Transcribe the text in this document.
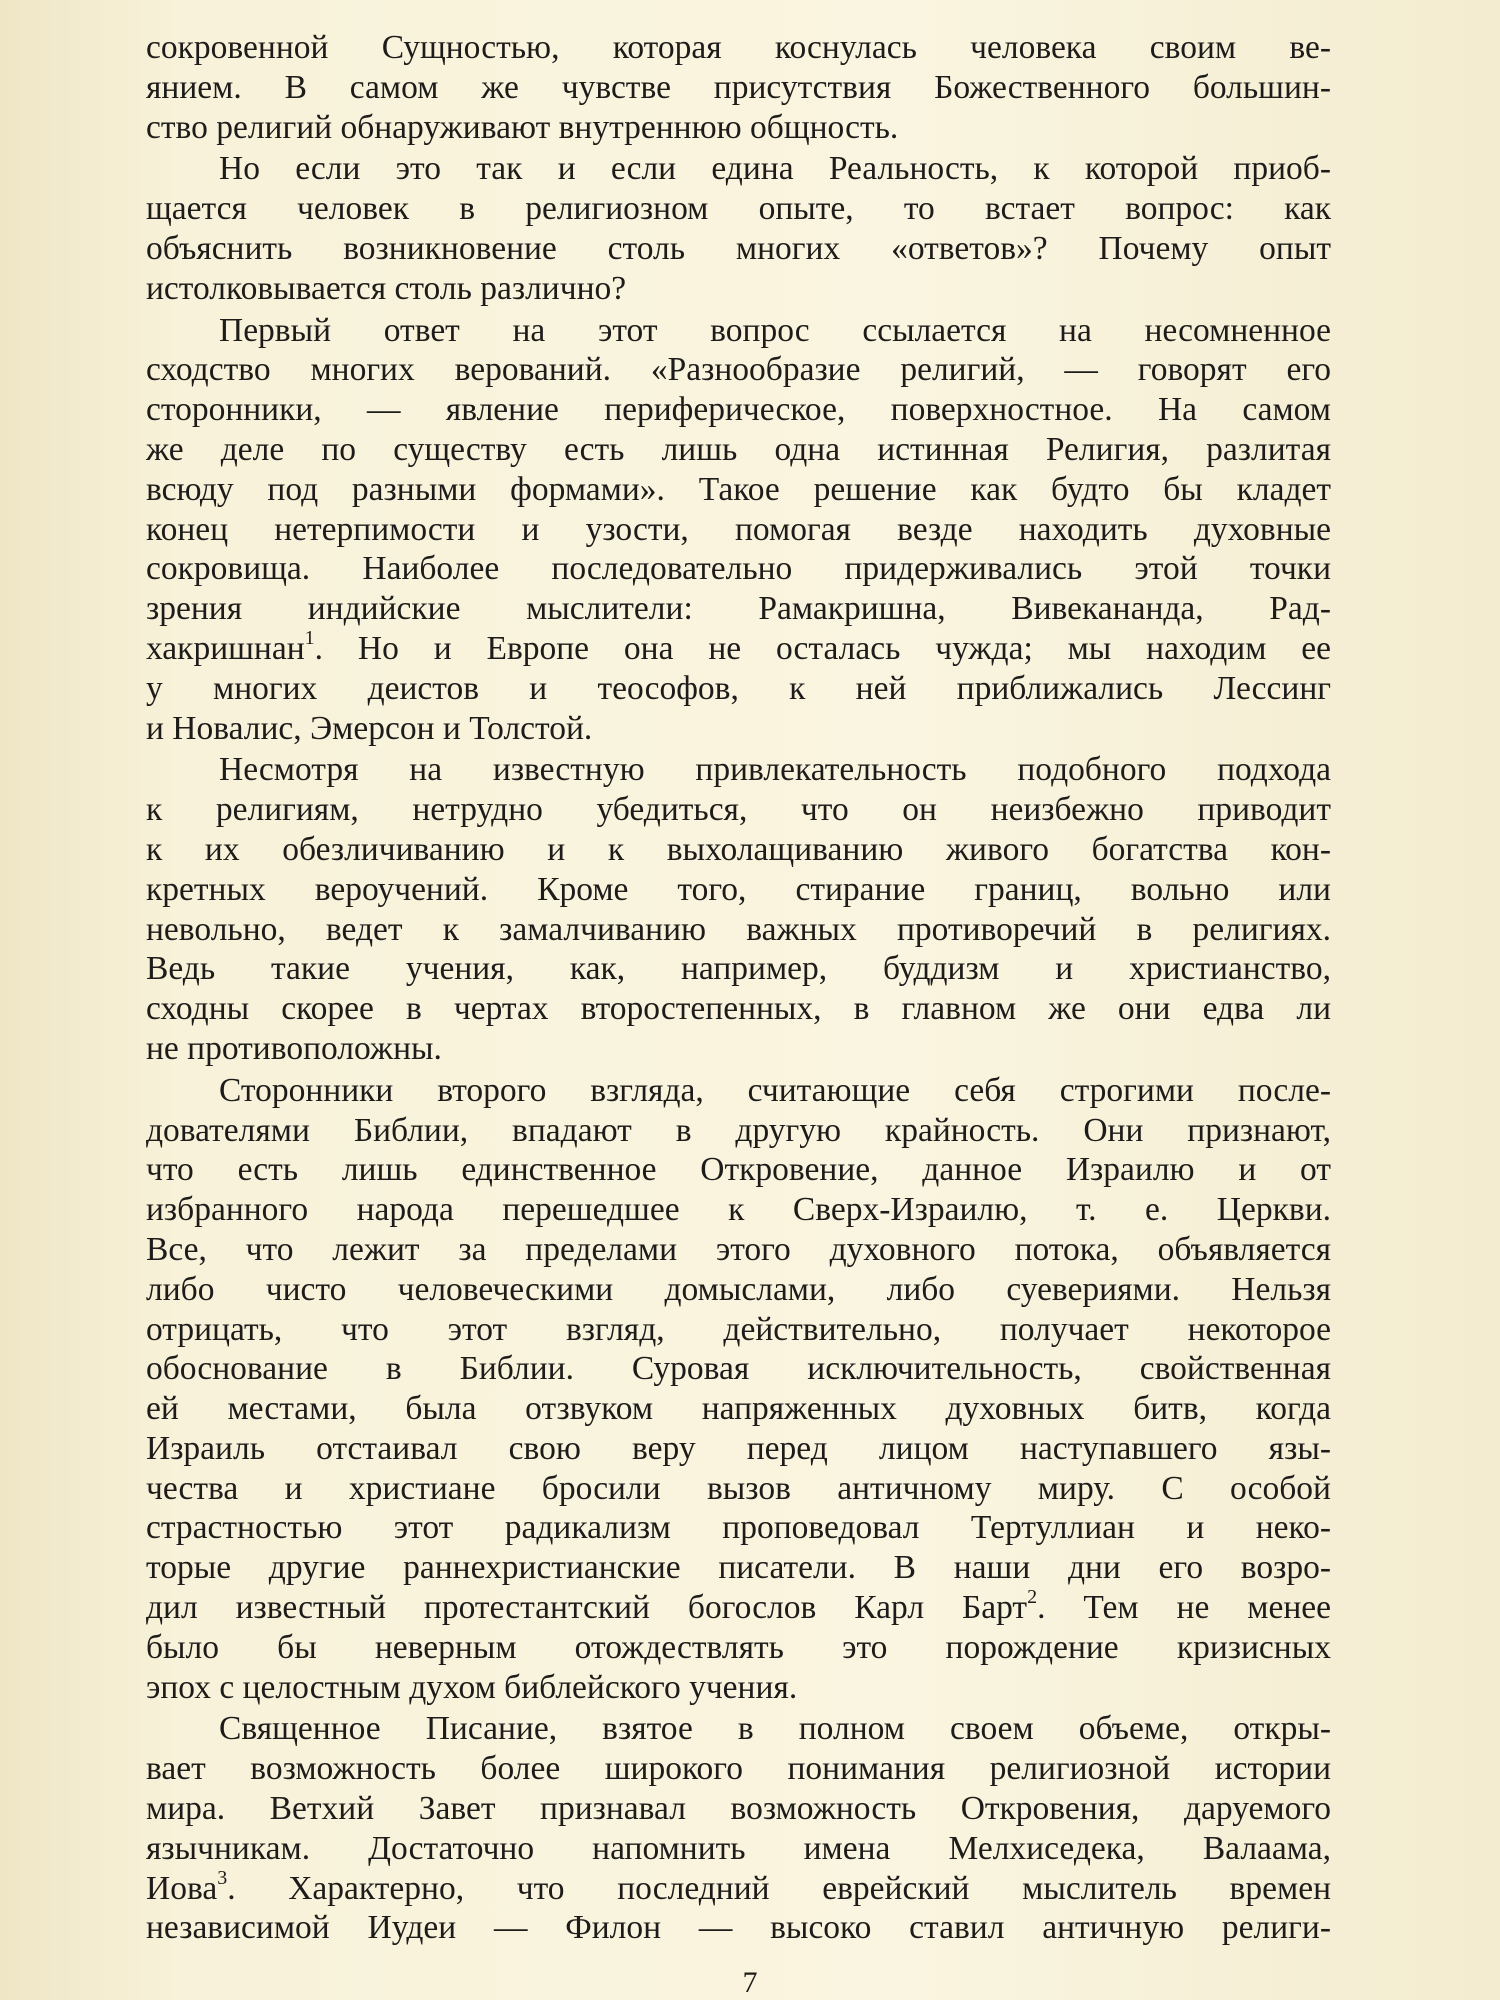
сокровенной Сущностью, которая коснулась человека своим ве-
янием. В самом же чувстве присутствия Божественного большин-
ство религий обнаруживают внутреннюю общность.
Но если это так и если едина Реальность, к которой приоб-
щается человек в религиозном опыте, то встает вопрос: как
объяснить возникновение столь многих «ответов»? Почему опыт
истолковывается столь различно?
Первый ответ на этот вопрос ссылается на несомненное
сходство многих верований. «Разнообразие религий, — говорят его
сторонники, — явление периферическое, поверхностное. На самом
же деле по существу есть лишь одна истинная Религия, разлитая
всюду под разными формами». Такое решение как будто бы кладет
конец нетерпимости и узости, помогая везде находить духовные
сокровища. Наиболее последовательно придерживались этой точки
зрения индийские мыслители: Рамакришна, Вивекананда, Рад-
хакришнан$^1$. Но и Европе она не осталась чужда; мы находим ее
у многих деистов и теософов, к ней приближались Лессинг
и Новалис, Эмерсон и Толстой.
Несмотря на известную привлекательность подобного подхода
к религиям, нетрудно убедиться, что он неизбежно приводит
к их обезличиванию и к выхолащиванию живого богатства кон-
кретных вероучений. Кроме того, стирание границ, вольно или
невольно, ведет к замалчиванию важных противоречий в религиях.
Ведь такие учения, как, например, буддизм и христианство,
сходны скорее в чертах второстепенных, в главном же они едва ли
не противоположны.
Сторонники второго взгляда, считающие себя строгими после-
дователями Библии, впадают в другую крайность. Они признают,
что есть лишь единственное Откровение, данное Израилю и от
избранного народа перешедшее к Сверх-Израилю, т. е. Церкви.
Все, что лежит за пределами этого духовного потока, объявляется
либо чисто человеческими домыслами, либо суевериями. Нельзя
отрицать, что этот взгляд, действительно, получает некоторое
обоснование в Библии. Суровая исключительность, свойственная
ей местами, была отзвуком напряженных духовных битв, когда
Израиль отстаивал свою веру перед лицом наступавшего язы-
чества и христиане бросили вызов античному миру. С особой
страстностью этот радикализм проповедовал Тертуллиан и неко-
торые другие раннехристианские писатели. В наши дни его возро-
дил известный протестантский богослов Карл Барт$^2$. Тем не менее
было бы неверным отождествлять это порождение кризисных
эпох с целостным духом библейского учения.
Священное Писание, взятое в полном своем объеме, откры-
вает возможность более широкого понимания религиозной истории
мира. Ветхий Завет признавал возможность Откровения, даруемого
язычникам. Достаточно напомнить имена Мелхиседека, Валаама,
Иова$^3$. Характерно, что последний еврейский мыслитель времен
независимой Иудеи — Филон — высоко ставил античную религи-
7
